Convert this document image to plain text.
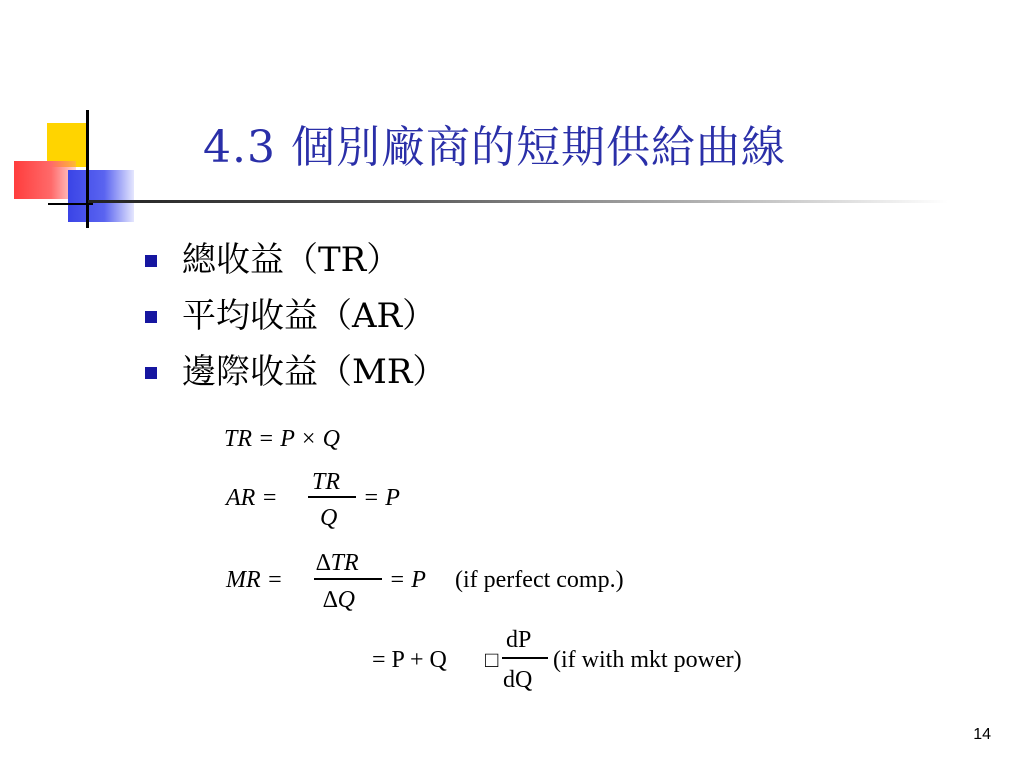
4.3 個別廠商的短期供給曲線
總收益（TR）
平均收益（AR）
邊際收益（MR）
TR = P × Q
AR =
TR
Q
= P
MR =
∆TR
∆Q
= P (if perfect comp.)
= P + Q □
dP
dQ
(if with mkt power)
14
